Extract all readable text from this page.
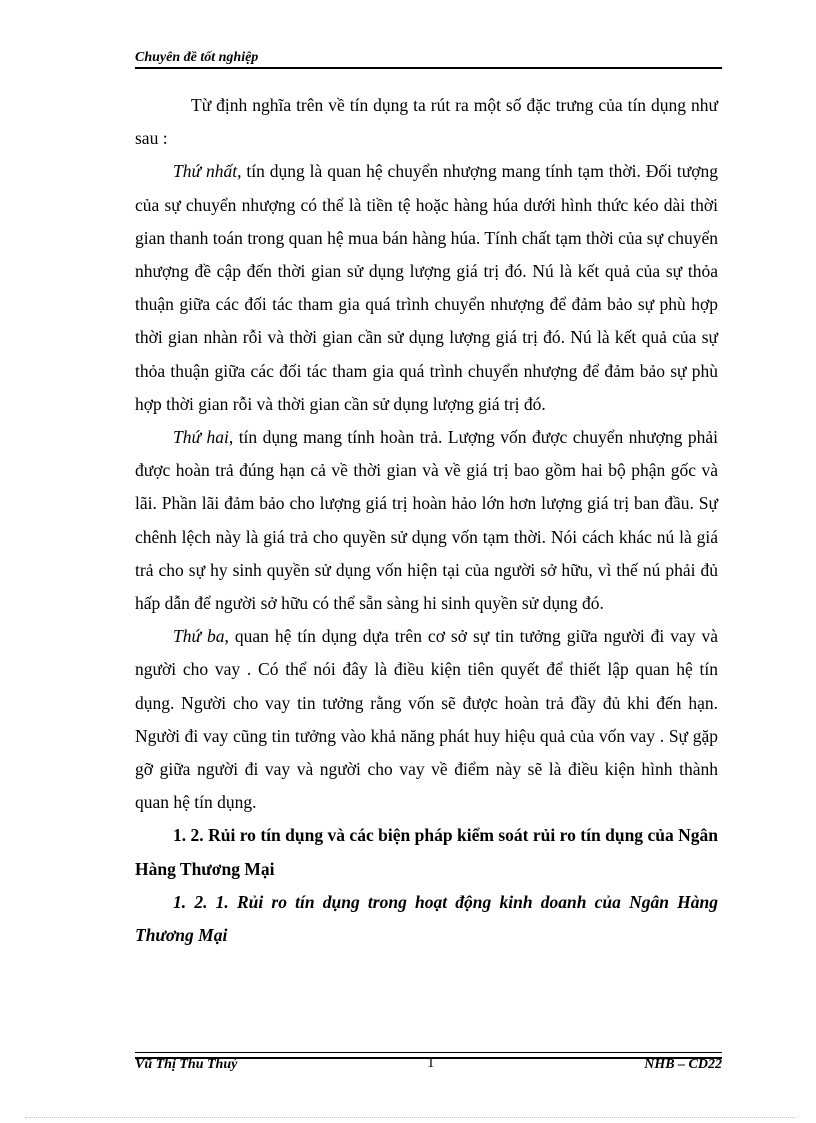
Chuyên đề tốt nghiệp

Từ định nghĩa trên về tín dụng ta rút ra một số đặc trưng của tín dụng như sau :

Thứ nhất, tín dụng là quan hệ chuyển nhượng mang tính tạm thời. Đối tượng của sự chuyển nhượng có thể là tiền tệ hoặc hàng húa dưới hình thức kéo dài thời gian thanh toán trong quan hệ mua bán hàng húa. Tính chất tạm thời của sự chuyển nhượng đề cập đến thời gian sử dụng lượng giá trị đó. Nú là kết quả của sự thỏa thuận giữa các đối tác tham gia quá trình chuyển nhượng để đảm bảo sự phù hợp thời gian nhàn rỗi và thời gian cần sử dụng lượng giá trị đó. Nú là kết quả của sự thỏa thuận giữa các đối tác tham gia quá trình chuyển nhượng để đảm bảo sự phù hợp thời gian rỗi và thời gian cần sử dụng lượng giá trị đó.

Thứ hai, tín dụng mang tính hoàn trả. Lượng vốn được chuyển nhượng phải được hoàn trả đúng hạn cả về thời gian và về giá trị bao gồm hai bộ phận gốc và lãi. Phần lãi đảm bảo cho lượng giá trị hoàn hảo lớn hơn lượng giá trị ban đầu. Sự chênh lệch này là giá trả cho quyền sử dụng vốn tạm thời. Nói cách khác nú là giá trả cho sự hy sinh quyền sử dụng vốn hiện tại của người sở hữu, vì thế nú phải đủ hấp dẫn để người sở hữu có thể sẵn sàng hi sinh quyền sử dụng đó.

Thứ ba, quan hệ tín dụng dựa trên cơ sở sự tin tưởng giữa người đi vay và người cho vay . Có thể nói đây là điều kiện tiên quyết để thiết lập quan hệ tín dụng. Người cho vay tin tưởng rằng vốn sẽ được hoàn trả đầy đủ khi đến hạn. Người đi vay cũng tin tưởng vào khả năng phát huy hiệu quả của vốn vay . Sự gặp gỡ giữa người đi vay và người cho vay về điểm này sẽ là điều kiện hình thành quan hệ tín dụng.

1. 2. Rủi ro tín dụng và các biện pháp kiểm soát rủi ro tín dụng của Ngân Hàng Thương Mại

1. 2. 1. Rủi ro tín dụng trong hoạt động kinh doanh của Ngân Hàng Thương Mại

Vũ Thị Thu Thuỷ	1	NHB – CD22
